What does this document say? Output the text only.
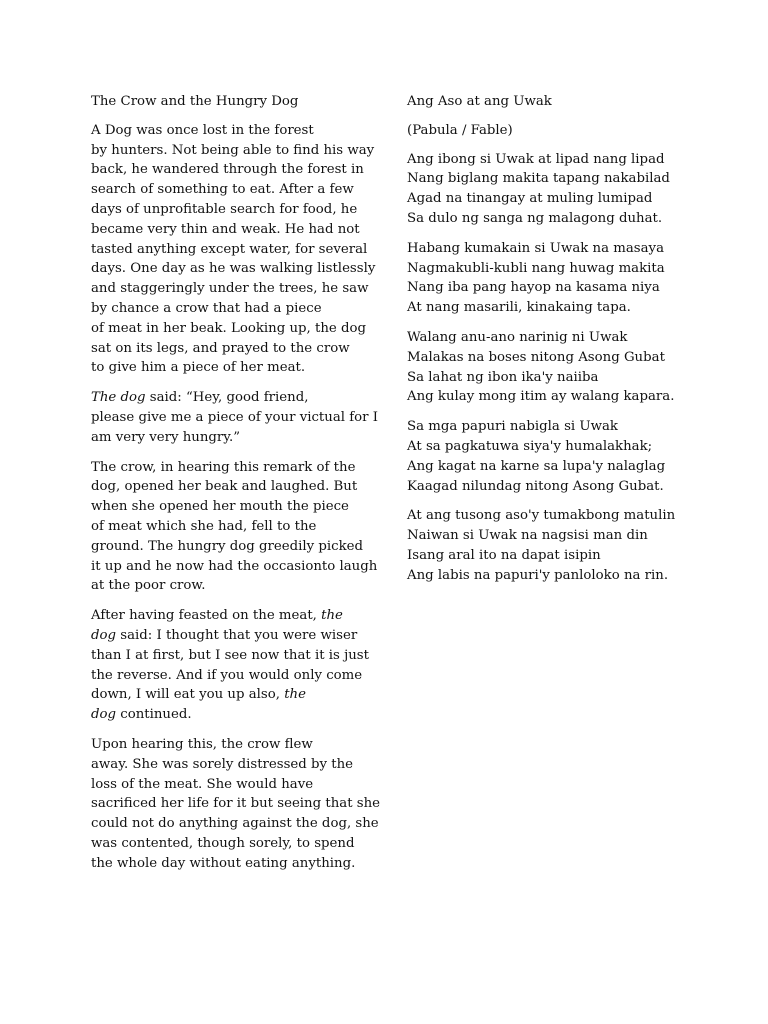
The Crow and the Hungry Dog

A Dog was once lost in the forest
by hunters. Not being able to find his way
back, he wandered through the forest in
search of something to eat. After a few
days of unprofitable search for food, he
became very thin and weak. He had not
tasted anything except water, for several
days. One day as he was walking listlessly
and staggeringly under the trees, he saw
by chance a crow that had a piece
of meat in her beak. Looking up, the dog
sat on its legs, and prayed to the crow
to give him a piece of her meat.

The dog said: “Hey, good friend,
please give me a piece of your victual for I
am very very hungry.”

The crow, in hearing this remark of the
dog, opened her beak and laughed. But
when she opened her mouth the piece
of meat which she had, fell to the
ground. The hungry dog greedily picked
it up and he now had the occasionto laugh
at the poor crow.

After having feasted on the meat, the
dog said: I thought that you were wiser
than I at first, but I see now that it is just
the reverse. And if you would only come
down, I will eat you up also, the
dog continued.

Upon hearing this, the crow flew
away. She was sorely distressed by the
loss of the meat. She would have
sacrificed her life for it but seeing that she
could not do anything against the dog, she
was contented, though sorely, to spend
the whole day without eating anything.

Ang Aso at ang Uwak

(Pabula / Fable)

Ang ibong si Uwak at lipad nang lipad
Nang biglang makita tapang nakabilad
Agad na tinangay at muling lumipad
Sa dulo ng sanga ng malagong duhat.
Habang kumakain si Uwak na masaya
Nagmakubli-kubli nang huwag makita
Nang iba pang hayop na kasama niya
At nang masarili, kinakaing tapa.
Walang anu-ano narinig ni Uwak
Malakas na boses nitong Asong Gubat
Sa lahat ng ibon ika'y naiiba
Ang kulay mong itim ay walang kapara.
Sa mga papuri nabigla si Uwak
At sa pagkatuwa siya'y humalakhak;
Ang kagat na karne sa lupa'y nalaglag
Kaagad nilundag nitong Asong Gubat.
At ang tusong aso'y tumakbong matulin
Naiwan si Uwak na nagsisi man din
Isang aral ito na dapat isipin
Ang labis na papuri'y panloloko na rin.
